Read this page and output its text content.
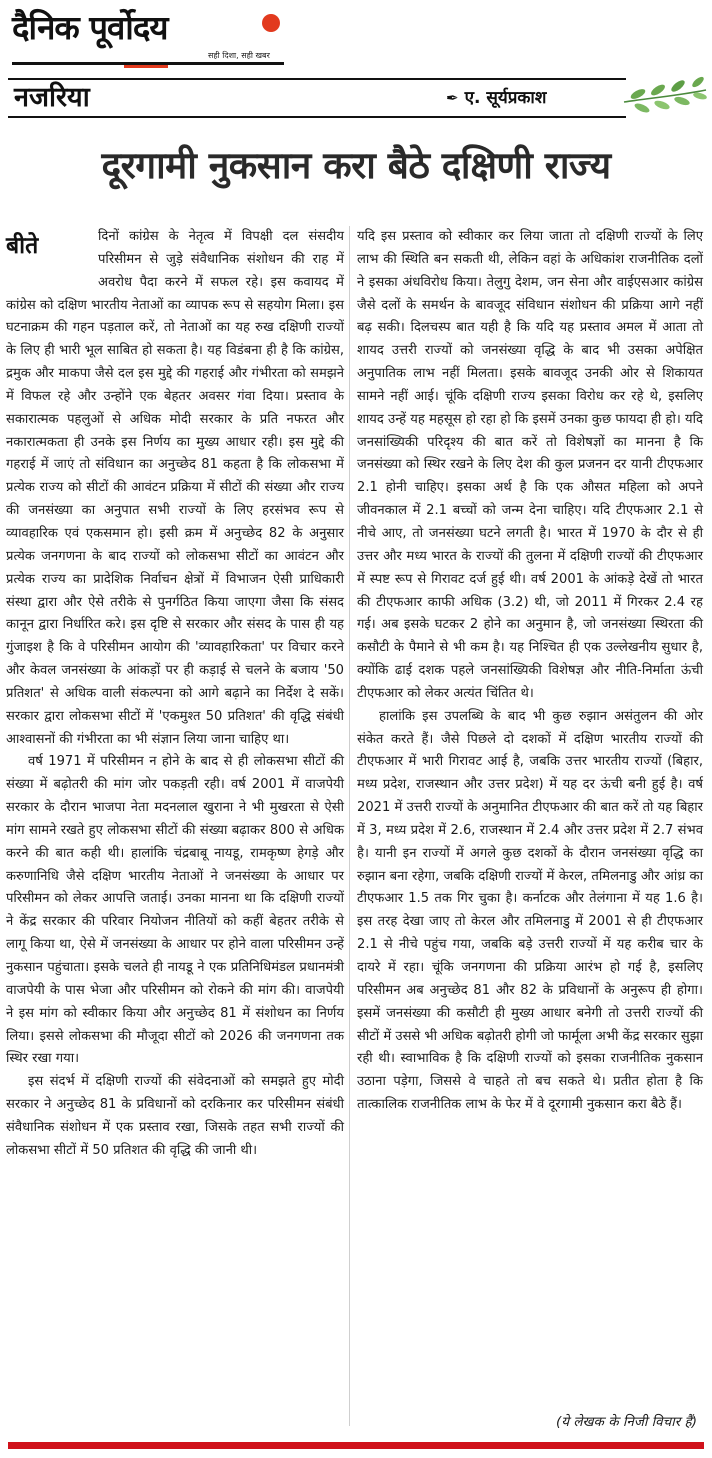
दैनिक पूर्वोदय
सही दिशा, सही खबर
नजरिया	✒ ए. सूर्यप्रकाश
दूरगामी नुकसान करा बैठे दक्षिणी राज्य
बीते	दिनों कांग्रेस के नेतृत्व में विपक्षी दल संसदीय परिसीमन से जुड़े संवैधानिक संशोधन की राह में अवरोध पैदा करने में सफल रहे। इस कवायद में कांग्रेस को दक्षिण भारतीय नेताओं का व्यापक रूप से सहयोग मिला। इस घटनाक्रम की गहन पड़ताल करें, तो नेताओं का यह रुख दक्षिणी राज्यों के लिए ही भारी भूल साबित हो सकता है। यह विडंबना ही है कि कांग्रेस, द्रमुक और माकपा जैसे दल इस मुद्दे की गहराई और गंभीरता को समझने में विफल रहे और उन्होंने एक बेहतर अवसर गंवा दिया। प्रस्ताव के सकारात्मक पहलुओं से अधिक मोदी सरकार के प्रति नफरत और नकारात्मकता ही उनके इस निर्णय का मुख्य आधार रही। इस मुद्दे की गहराई में जाएं तो संविधान का अनुच्छेद 81 कहता है कि लोकसभा में प्रत्येक राज्य को सीटों की आवंटन प्रक्रिया में सीटों की संख्या और राज्य की जनसंख्या का अनुपात सभी राज्यों के लिए हरसंभव रूप से व्यावहारिक एवं एकसमान हो। इसी क्रम में अनुच्छेद 82 के अनुसार प्रत्येक जनगणना के बाद राज्यों को लोकसभा सीटों का आवंटन और प्रत्येक राज्य का प्रादेशिक निर्वाचन क्षेत्रों में विभाजन ऐसी प्राधिकारी संस्था द्वारा और ऐसे तरीके से पुनर्गठित किया जाएगा जैसा कि संसद कानून द्वारा निर्धारित करे। इस दृष्टि से सरकार और संसद के पास ही यह गुंजाइश है कि वे परिसीमन आयोग की 'व्यावहारिकता' पर विचार करने और केवल जनसंख्या के आंकड़ों पर ही कड़ाई से चलने के बजाय '50 प्रतिशत' से अधिक वाली संकल्पना को आगे बढ़ाने का निर्देश दे सकें। सरकार द्वारा लोकसभा सीटों में 'एकमुश्त 50 प्रतिशत' की वृद्धि संबंधी आश्वासनों की गंभीरता का भी संज्ञान लिया जाना चाहिए था।

वर्ष 1971 में परिसीमन न होने के बाद से ही लोकसभा सीटों की संख्या में बढ़ोतरी की मांग जोर पकड़ती रही। वर्ष 2001 में वाजपेयी सरकार के दौरान भाजपा नेता मदनलाल खुराना ने भी मुखरता से ऐसी मांग सामने रखते हुए लोकसभा सीटों की संख्या बढ़ाकर 800 से अधिक करने की बात कही थी। हालांकि चंद्रबाबू नायडू, रामकृष्ण हेगड़े और करुणानिधि जैसे दक्षिण भारतीय नेताओं ने जनसंख्या के आधार पर परिसीमन को लेकर आपत्ति जताई। उनका मानना था कि दक्षिणी राज्यों ने केंद्र सरकार की परिवार नियोजन नीतियों को कहीं बेहतर तरीके से लागू किया था, ऐसे में जनसंख्या के आधार पर होने वाला परिसीमन उन्हें नुकसान पहुंचाता। इसके चलते ही नायडू ने एक प्रतिनिधिमंडल प्रधानमंत्री वाजपेयी के पास भेजा और परिसीमन को रोकने की मांग की। वाजपेयी ने इस मांग को स्वीकार किया और अनुच्छेद 81 में संशोधन का निर्णय लिया। इससे लोकसभा की मौजूदा सीटों को 2026 की जनगणना तक स्थिर रखा गया।

इस संदर्भ में दक्षिणी राज्यों की संवेदनाओं को समझते हुए मोदी सरकार ने अनुच्छेद 81 के प्रविधानों को दरकिनार कर परिसीमन संबंधी संवैधानिक संशोधन में एक प्रस्ताव रखा, जिसके तहत सभी राज्यों की लोकसभा सीटों में 50 प्रतिशत की वृद्धि की जानी थी।

यदि इस प्रस्ताव को स्वीकार कर लिया जाता तो दक्षिणी राज्यों के लिए लाभ की स्थिति बन सकती थी, लेकिन वहां के अधिकांश राजनीतिक दलों ने इसका अंधविरोध किया। तेलुगु देशम, जन सेना और वाईएसआर कांग्रेस जैसे दलों के समर्थन के बावजूद संविधान संशोधन की प्रक्रिया आगे नहीं बढ़ सकी। दिलचस्प बात यही है कि यदि यह प्रस्ताव अमल में आता तो शायद उत्तरी राज्यों को जनसंख्या वृद्धि के बाद भी उसका अपेक्षित अनुपातिक लाभ नहीं मिलता। इसके बावजूद उनकी ओर से शिकायत सामने नहीं आई। चूंकि दक्षिणी राज्य इसका विरोध कर रहे थे, इसलिए शायद उन्हें यह महसूस हो रहा हो कि इसमें उनका कुछ फायदा ही हो। यदि जनसांख्यिकी परिदृश्य की बात करें तो विशेषज्ञों का मानना है कि जनसंख्या को स्थिर रखने के लिए देश की कुल प्रजनन दर यानी टीएफआर 2.1 होनी चाहिए। इसका अर्थ है कि एक औसत महिला को अपने जीवनकाल में 2.1 बच्चों को जन्म देना चाहिए। यदि टीएफआर 2.1 से नीचे आए, तो जनसंख्या घटने लगती है। भारत में 1970 के दौर से ही उत्तर और मध्य भारत के राज्यों की तुलना में दक्षिणी राज्यों की टीएफआर में स्पष्ट रूप से गिरावट दर्ज हुई थी। वर्ष 2001 के आंकड़े देखें तो भारत की टीएफआर काफी अधिक (3.2) थी, जो 2011 में गिरकर 2.4 रह गई। अब इसके घटकर 2 होने का अनुमान है, जो जनसंख्या स्थिरता की कसौटी के पैमाने से भी कम है। यह निश्चित ही एक उल्लेखनीय सुधार है, क्योंकि ढाई दशक पहले जनसांख्यिकी विशेषज्ञ और नीति-निर्माता ऊंची टीएफआर को लेकर अत्यंत चिंतित थे।

हालांकि इस उपलब्धि के बाद भी कुछ रुझान असंतुलन की ओर संकेत करते हैं। जैसे पिछले दो दशकों में दक्षिण भारतीय राज्यों की टीएफआर में भारी गिरावट आई है, जबकि उत्तर भारतीय राज्यों (बिहार, मध्य प्रदेश, राजस्थान और उत्तर प्रदेश) में यह दर ऊंची बनी हुई है। वर्ष 2021 में उत्तरी राज्यों के अनुमानित टीएफआर की बात करें तो यह बिहार में 3, मध्य प्रदेश में 2.6, राजस्थान में 2.4 और उत्तर प्रदेश में 2.7 संभव है। यानी इन राज्यों में अगले कुछ दशकों के दौरान जनसंख्या वृद्धि का रुझान बना रहेगा, जबकि दक्षिणी राज्यों में केरल, तमिलनाडु और आंध्र का टीएफआर 1.5 तक गिर चुका है। कर्नाटक और तेलंगाना में यह 1.6 है। इस तरह देखा जाए तो केरल और तमिलनाडु में 2001 से ही टीएफआर 2.1 से नीचे पहुंच गया, जबकि बड़े उत्तरी राज्यों में यह करीब चार के दायरे में रहा। चूंकि जनगणना की प्रक्रिया आरंभ हो गई है, इसलिए परिसीमन अब अनुच्छेद 81 और 82 के प्रविधानों के अनुरूप ही होगा। इसमें जनसंख्या की कसौटी ही मुख्य आधार बनेगी तो उत्तरी राज्यों की सीटों में उससे भी अधिक बढ़ोतरी होगी जो फार्मूला अभी केंद्र सरकार सुझा रही थी। स्वाभाविक है कि दक्षिणी राज्यों को इसका राजनीतिक नुकसान उठाना पड़ेगा, जिससे वे चाहते तो बच सकते थे। प्रतीत होता है कि तात्कालिक राजनीतिक लाभ के फेर में वे दूरगामी नुकसान करा बैठे हैं।

(ये लेखक के निजी विचार हैं)
